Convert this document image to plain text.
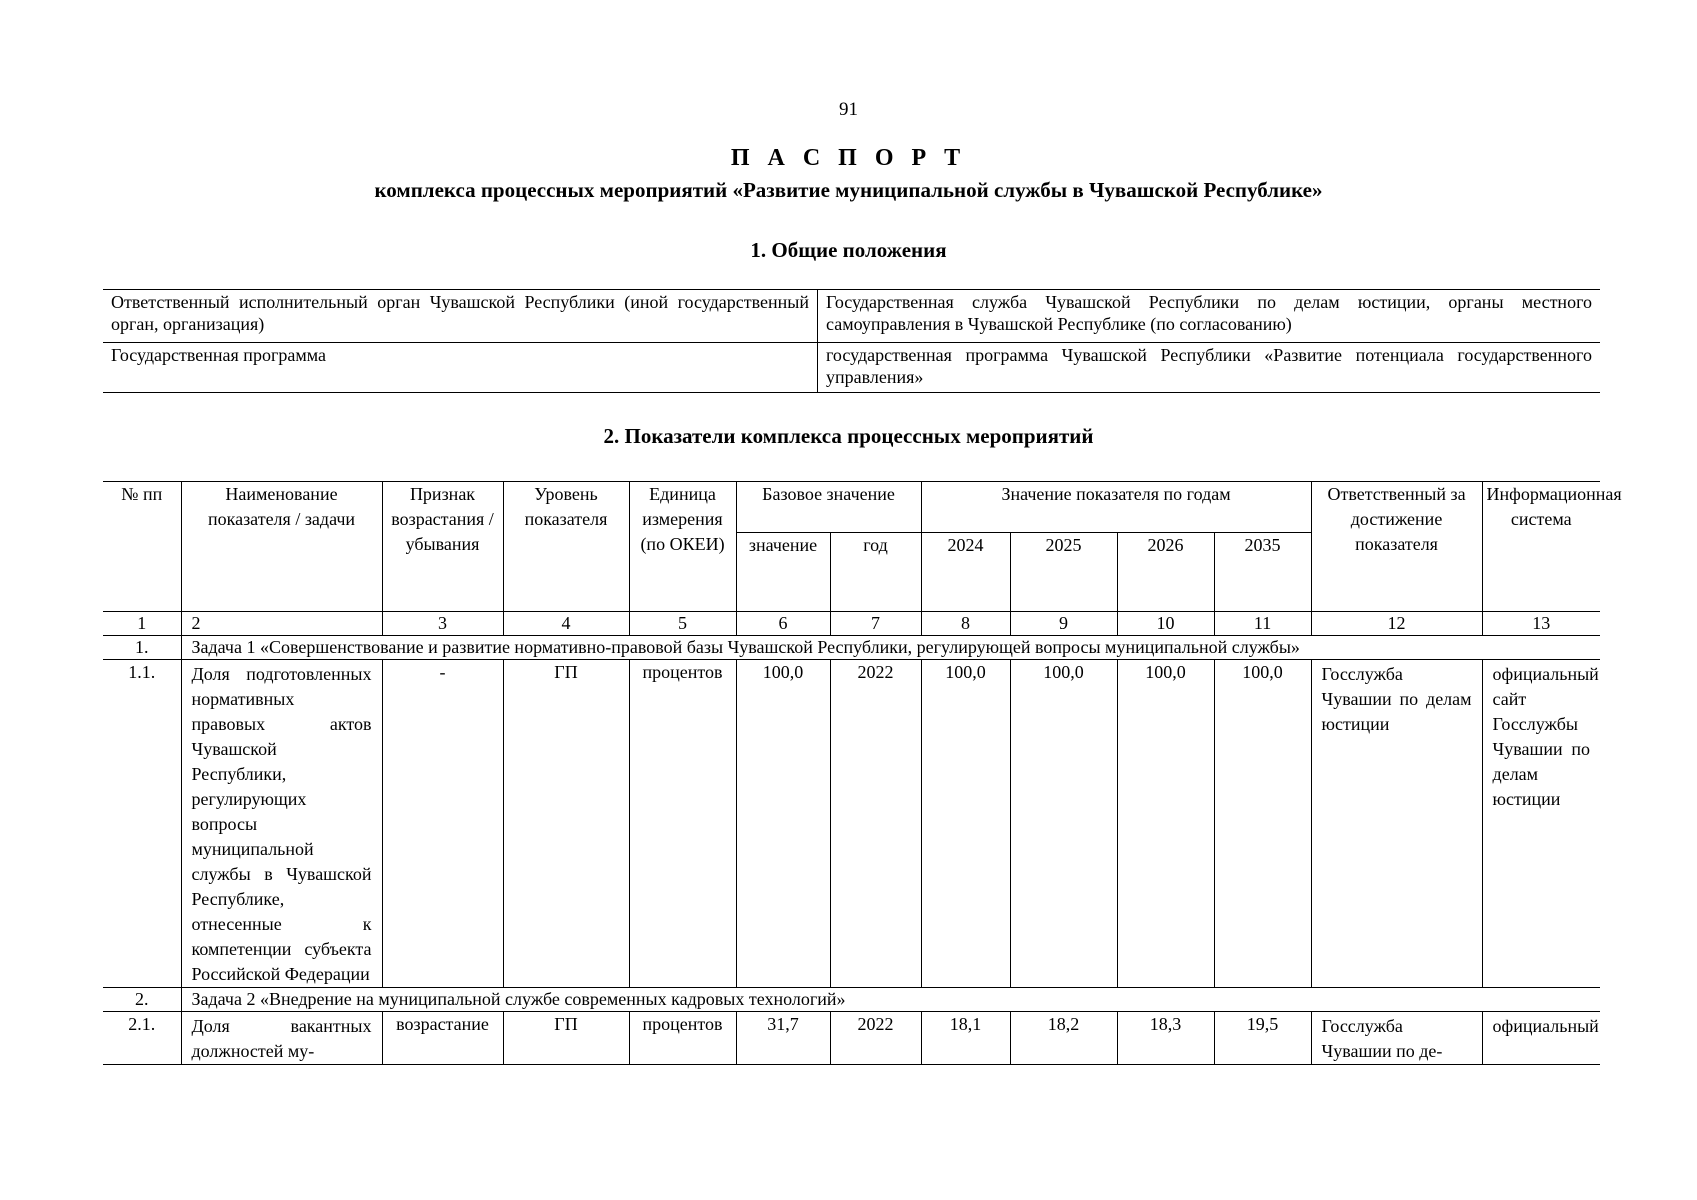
91
П А С П О Р Т
комплекса процессных мероприятий «Развитие муниципальной службы в Чувашской Республике»
1. Общие положения
Ответственный исполнительный орган Чувашской Республики (иной государственный орган, организация)	Государственная служба Чувашской Республики по делам юстиции, органы местного самоуправления в Чувашской Республике (по согласованию)
Государственная программа	государственная программа Чувашской Республики «Развитие потенциала государственного управления»
2. Показатели комплекса процессных мероприятий
№ пп	Наименование показателя / задачи	Признак возрастания / убывания	Уровень показателя	Единица измерения (по ОКЕИ)	Базовое значение		Значение показателя по годам				Ответственный за достижение показателя	Информационная система
					значение	год	2024	2025	2026	2035		
1	2	3	4	5	6	7	8	9	10	11	12	13
1.	Задача 1 «Совершенствование и развитие нормативно-правовой базы Чувашской Республики, регулирующей вопросы муниципальной службы»											
1.1.	Доля подготовленных нормативных правовых актов Чувашской Республики, регулирующих вопросы муниципальной службы в Чувашской Республике, отнесенные к компетенции субъекта Российской Федерации	-	ГП	процентов	100,0	2022	100,0	100,0	100,0	100,0	Госслужба Чувашии по делам юстиции	официальный сайт Госслужбы Чувашии по делам юстиции
2.	Задача 2 «Внедрение на муниципальной службе современных кадровых технологий»											
2.1.	Доля вакантных должностей му-	возрастание	ГП	процентов	31,7	2022	18,1	18,2	18,3	19,5	Госслужба Чувашии по де-	официальный
